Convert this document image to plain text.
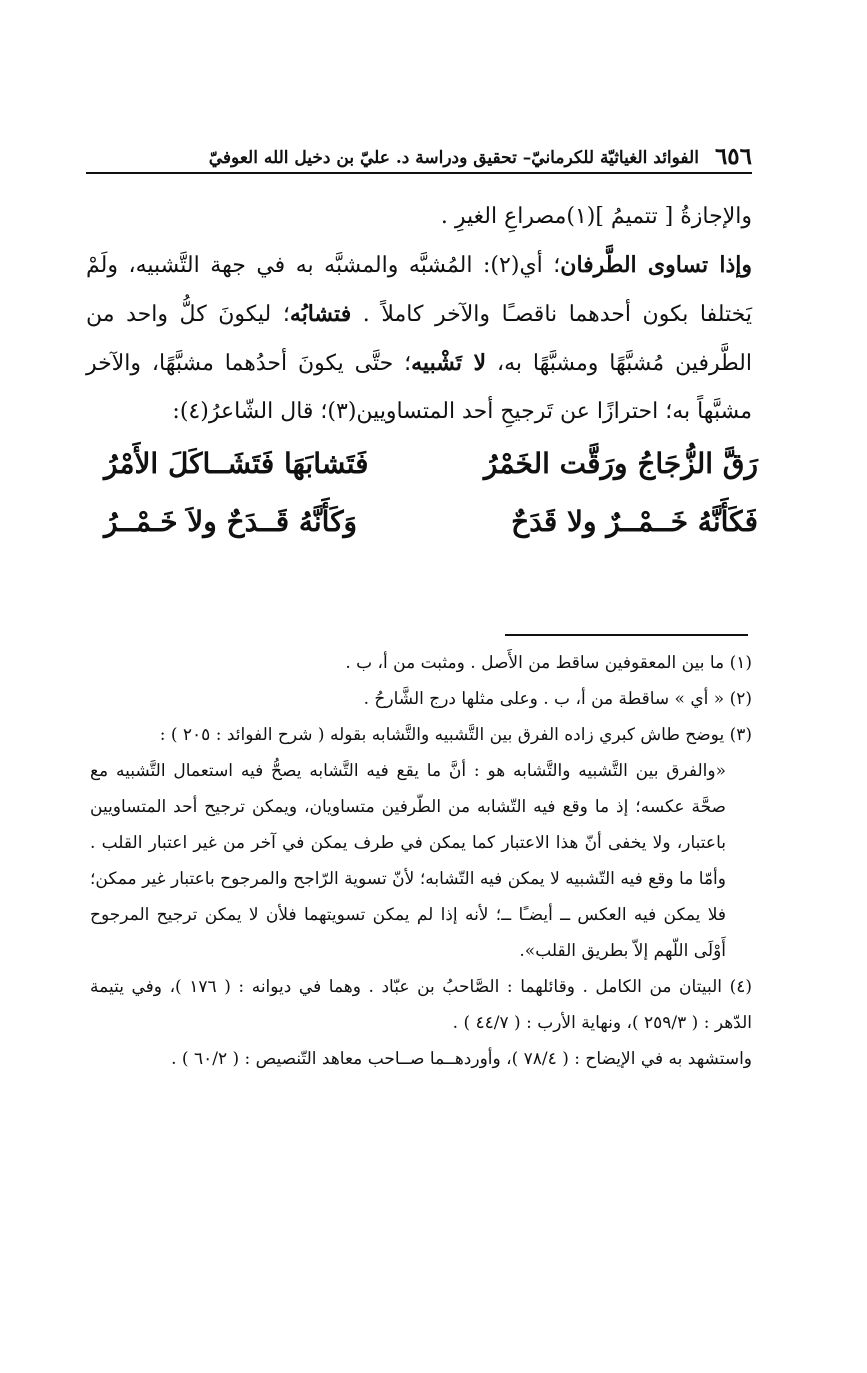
٦٥٦
الفوائد الغياثيّة للكرمانيّ– تحقيق ودراسة د. عليّ بن دخيل الله العوفيّ

والإجازةُ [ تتميمُ ](١)مصراعِ الغيرِ .

وإذا تساوى الطَّرفان؛ أي(٢): المُشبَّه والمشبَّه به في جهة التَّشبيه، ولَمْ يَختلفا بكون أحدهما ناقصـًا والآخر كاملاً . فتشابُه؛ ليكونَ كلُّ واحد من الطَّرفين مُشبَّهًا ومشبَّهًا به، لا تَشْبيه؛ حتَّى يكونَ أحدُهما مشبَّهًا، والآخر مشبَّهاً به؛ احترازًا عن تَرجيحِ أحد المتساويين(٣)؛ قال الشّاعرُ(٤):

رَقَّ الزُّجَاجُ ورَقَّت الخَمْرُ
فَتَشابَهَا فَتَشَــاكَلَ الأَمْرُ
فَكَأَنَّهُ خَــمْــرٌ ولا قَدَحٌ
وَكَأَنَّهُ قَــدَحٌ ولاَ خَـمْــرُ

(١) ما بين المعقوفين ساقط من الأَصل . ومثبت من أ، ب .

(٢) « أي » ساقطة من أ، ب . وعلى مثلها درج الشَّارحُ .

(٣) يوضح طاش كبري زاده الفرق بين التَّشبيه والتَّشابه بقوله ( شرح الفوائد : ٢٠٥ ) :

«والفرق بين التَّشبيه والتَّشابه هو : أنَّ ما يقع فيه التَّشابه يصحُّ فيه استعمال التَّشبيه مع صحَّة عكسه؛ إذ ما وقع فيه التّشابه من الطّرفين متساويان، ويمكن ترجيح أحد المتساويين باعتبار، ولا يخفى أنّ هذا الاعتبار كما يمكن في طرف يمكن في آخر من غير اعتبار القلب . وأمّا ما وقع فيه التّشبيه لا يمكن فيه التّشابه؛ لأنّ تسوية الرّاجح والمرجوح باعتبار غير ممكن؛ فلا يمكن فيه العكس ــ أيضـًا ــ؛ لأنه إذا لم يمكن تسويتهما فلأن لا يمكن ترجيح المرجوح أَوْلَى اللّهم إلاّ بطريق القلب».

(٤) البيتان من الكامل . وقائلهما : الصَّاحبُ بن عبّاد . وهما في ديوانه : ( ١٧٦ )، وفي يتيمة الدّهر : ( ٢٥٩/٣ )، ونهاية الأرب : ( ٤٤/٧ ) .

واستشهد به في الإيضاح : ( ٧٨/٤ )، وأوردهــما صــاحب معاهد التّنصيص : ( ٦٠/٢ ) .
